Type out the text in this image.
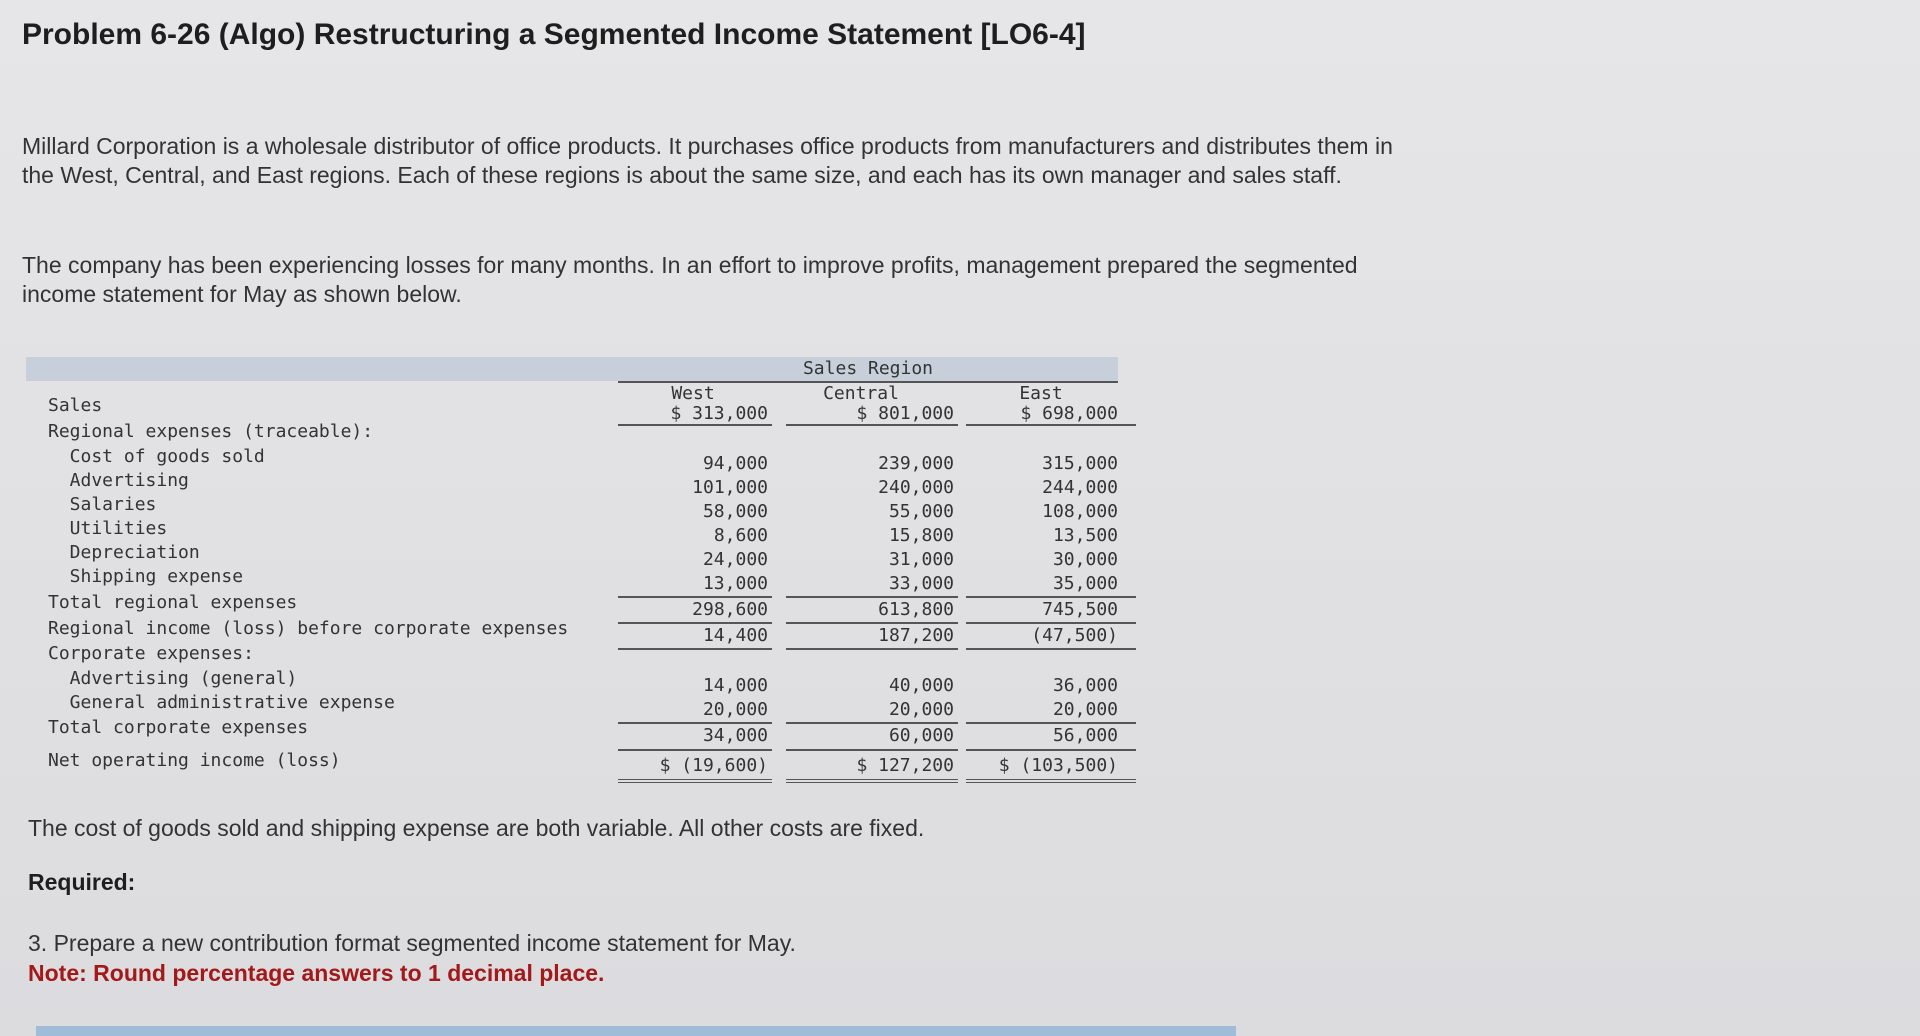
Problem 6-26 (Algo) Restructuring a Segmented Income Statement [LO6-4]
Millard Corporation is a wholesale distributor of office products. It purchases office products from manufacturers and distributes them in the West, Central, and East regions. Each of these regions is about the same size, and each has its own manager and sales staff.
The company has been experiencing losses for many months. In an effort to improve profits, management prepared the segmented income statement for May as shown below.
Sales Region
West	Central	East
Sales	$ 313,000	$ 801,000	$ 698,000
Regional expenses (traceable):
Cost of goods sold	94,000	239,000	315,000
Advertising	101,000	240,000	244,000
Salaries	58,000	55,000	108,000
Utilities	8,600	15,800	13,500
Depreciation	24,000	31,000	30,000
Shipping expense	13,000	33,000	35,000
Total regional expenses	298,600	613,800	745,500
Regional income (loss) before corporate expenses	14,400	187,200	(47,500)
Corporate expenses:
Advertising (general)	14,000	40,000	36,000
General administrative expense	20,000	20,000	20,000
Total corporate expenses	34,000	60,000	56,000
Net operating income (loss)	$ (19,600)	$ 127,200	$ (103,500)
The cost of goods sold and shipping expense are both variable. All other costs are fixed.
Required:
3. Prepare a new contribution format segmented income statement for May.
Note: Round percentage answers to 1 decimal place.
